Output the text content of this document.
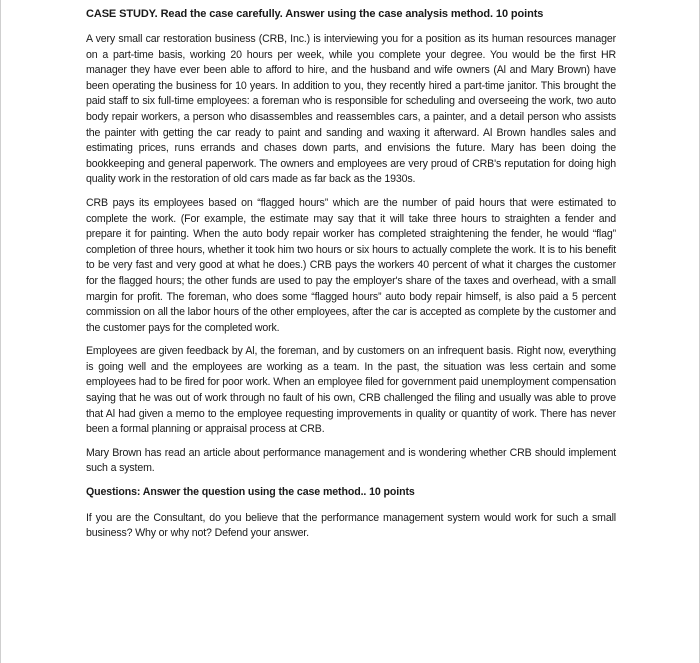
CASE STUDY. Read the case carefully. Answer using the case analysis method. 10 points

A very small car restoration business (CRB, Inc.) is interviewing you for a position as its human resources manager on a part-time basis, working 20 hours per week, while you complete your degree. You would be the first HR manager they have ever been able to afford to hire, and the husband and wife owners (Al and Mary Brown) have been operating the business for 10 years. In addition to you, they recently hired a part-time janitor. This brought the paid staff to six full-time employees: a foreman who is responsible for scheduling and overseeing the work, two auto body repair workers, a person who disassembles and reassembles cars, a painter, and a detail person who assists the painter with getting the car ready to paint and sanding and waxing it afterward. Al Brown handles sales and estimating prices, runs errands and chases down parts, and envisions the future. Mary has been doing the bookkeeping and general paperwork. The owners and employees are very proud of CRB's reputation for doing high quality work in the restoration of old cars made as far back as the 1930s.

CRB pays its employees based on “flagged hours” which are the number of paid hours that were estimated to complete the work. (For example, the estimate may say that it will take three hours to straighten a fender and prepare it for painting. When the auto body repair worker has completed straightening the fender, he would “flag” completion of three hours, whether it took him two hours or six hours to actually complete the work. It is to his benefit to be very fast and very good at what he does.) CRB pays the workers 40 percent of what it charges the customer for the flagged hours; the other funds are used to pay the employer's share of the taxes and overhead, with a small margin for profit. The foreman, who does some “flagged hours” auto body repair himself, is also paid a 5 percent commission on all the labor hours of the other employees, after the car is accepted as complete by the customer and the customer pays for the completed work.

Employees are given feedback by Al, the foreman, and by customers on an infrequent basis. Right now, everything is going well and the employees are working as a team. In the past, the situation was less certain and some employees had to be fired for poor work. When an employee filed for government paid unemployment compensation saying that he was out of work through no fault of his own, CRB challenged the filing and usually was able to prove that Al had given a memo to the employee requesting improvements in quality or quantity of work. There has never been a formal planning or appraisal process at CRB.

Mary Brown has read an article about performance management and is wondering whether CRB should implement such a system.

Questions: Answer the question using the case method.. 10 points

If you are the Consultant, do you believe that the performance management system would work for such a small business? Why or why not? Defend your answer.
